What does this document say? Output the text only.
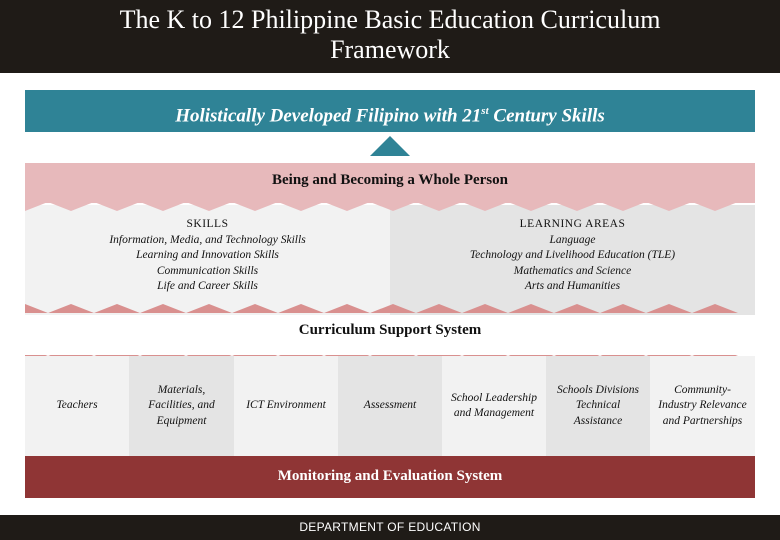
The K to 12 Philippine Basic Education Curriculum
Framework
Holistically Developed Filipino with 21st Century Skills
Being and Becoming a Whole Person
SKILLS
Information, Media, and Technology Skills
Learning and Innovation Skills
Communication Skills
Life and Career Skills
LEARNING AREAS
Language
Technology and Livelihood Education (TLE)
Mathematics and Science
Arts and Humanities
Curriculum Support System
Teachers
Materials, Facilities, and Equipment
ICT Environment	Assessment
School Leadership and Management
Schools Divisions Technical Assistance
Community-Industry Relevance and Partnerships
Monitoring and Evaluation System
DEPARTMENT OF EDUCATION
